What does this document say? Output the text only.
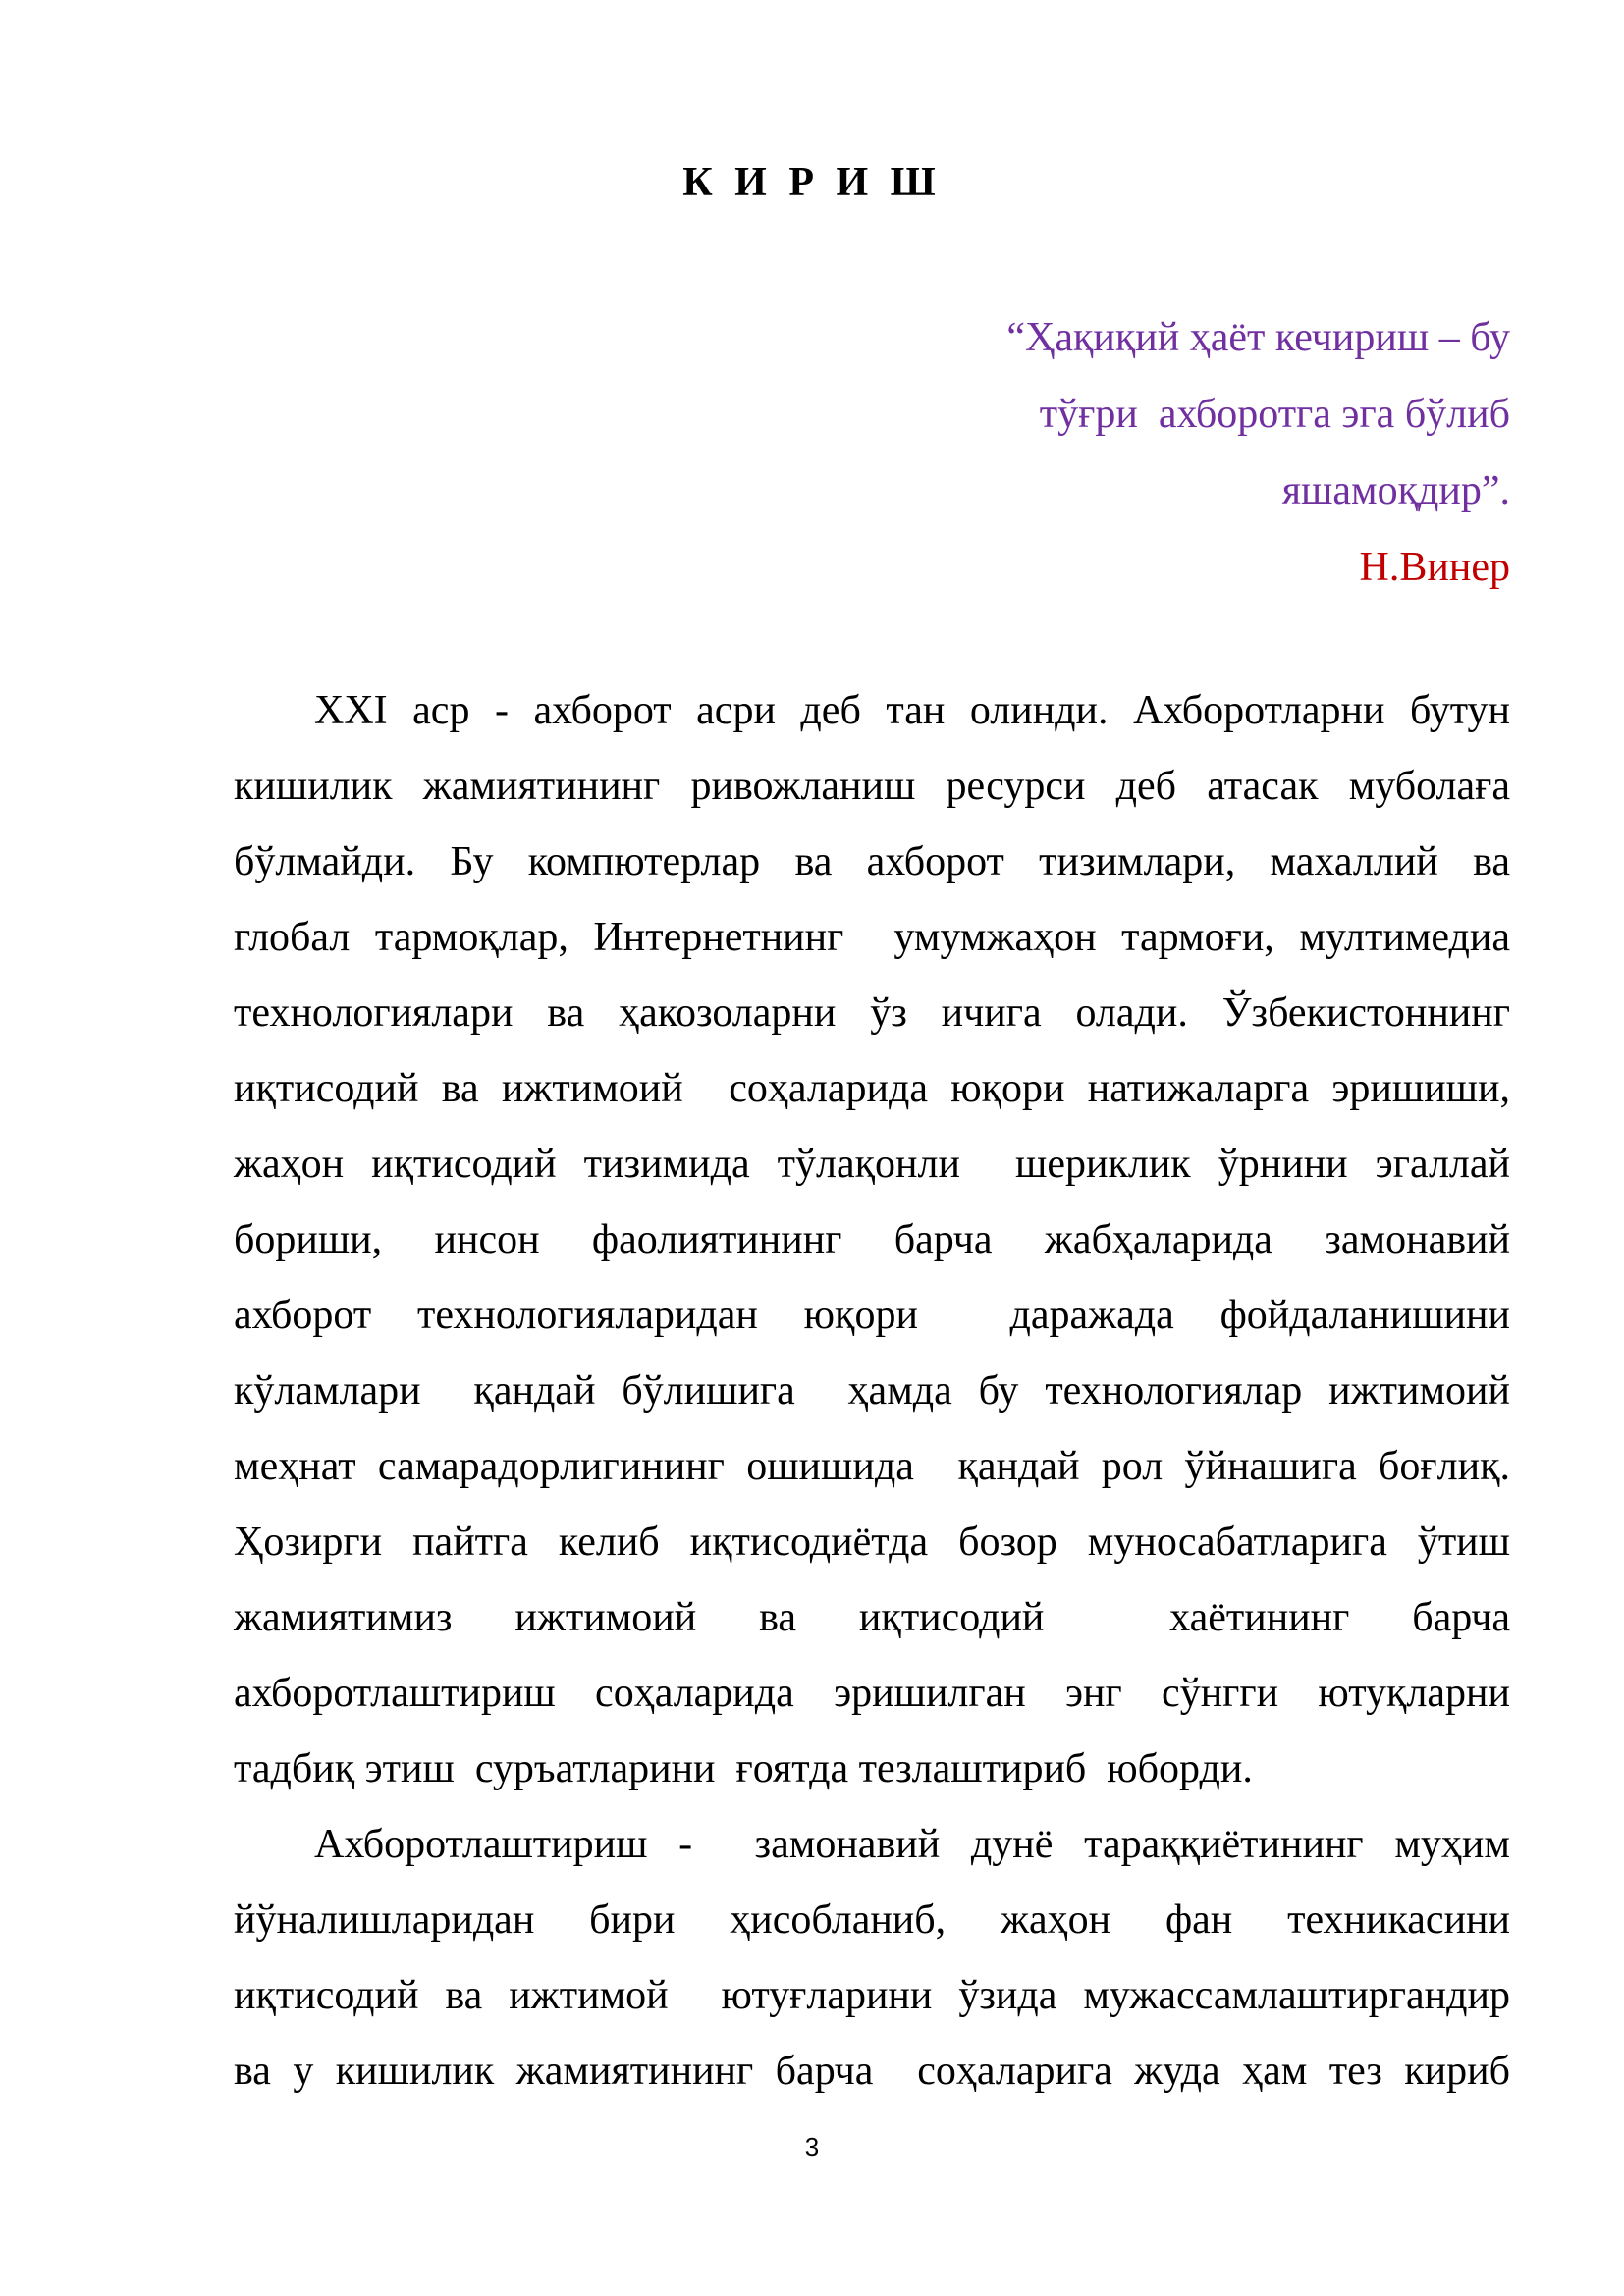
К И Р И Ш
“Ҳақиқий ҳаёт кечириш – бу
тўғри  ахборотга эга бўлиб
яшамоқдир”.
Н.Винер
XXI аср - ахборот асри деб тан олинди. Ахборотларни бутун
кишилик жамиятининг ривожланиш ресурси деб атасак муболаға
бўлмайди. Бу компютерлар ва ахборот тизимлари, махаллий ва
глобал тармоқлар, Интернетнинг  умумжаҳон тармоғи, мултимедиа
технологиялари ва ҳакозоларни ўз ичига олади. Ўзбекистоннинг
иқтисодий ва ижтимоий  соҳаларида юқори натижаларга эришиши,
жаҳон иқтисодий тизимида тўлақонли  шериклик ўрнини эгаллай
бориши, инсон фаолиятининг барча жабҳаларида замонавий
ахборот технологияларидан юқори  даражада фойдаланишини
кўламлари  қандай бўлишига  ҳамда бу технологиялар ижтимоий
меҳнат самарадорлигининг ошишида  қандай рол ўйнашига боғлиқ.
Ҳозирги пайтга келиб иқтисодиётда бозор муносабатларига ўтиш
жамиятимиз ижтимоий ва иқтисодий  хаётининг барча
ахборотлаштириш соҳаларида эришилган энг сўнгги ютуқларни
тадбиқ этиш  суръатларини  ғоятда тезлаштириб  юборди.
Ахборотлаштириш -  замонавий дунё тараққиётининг муҳим
йўналишларидан бири ҳисобланиб, жаҳон фан техникасини
иқтисодий ва ижтимой  ютуғларини ўзида мужассамлаштиргандир
ва у кишилик жамиятининг барча  соҳаларига жуда ҳам тез кириб
3
